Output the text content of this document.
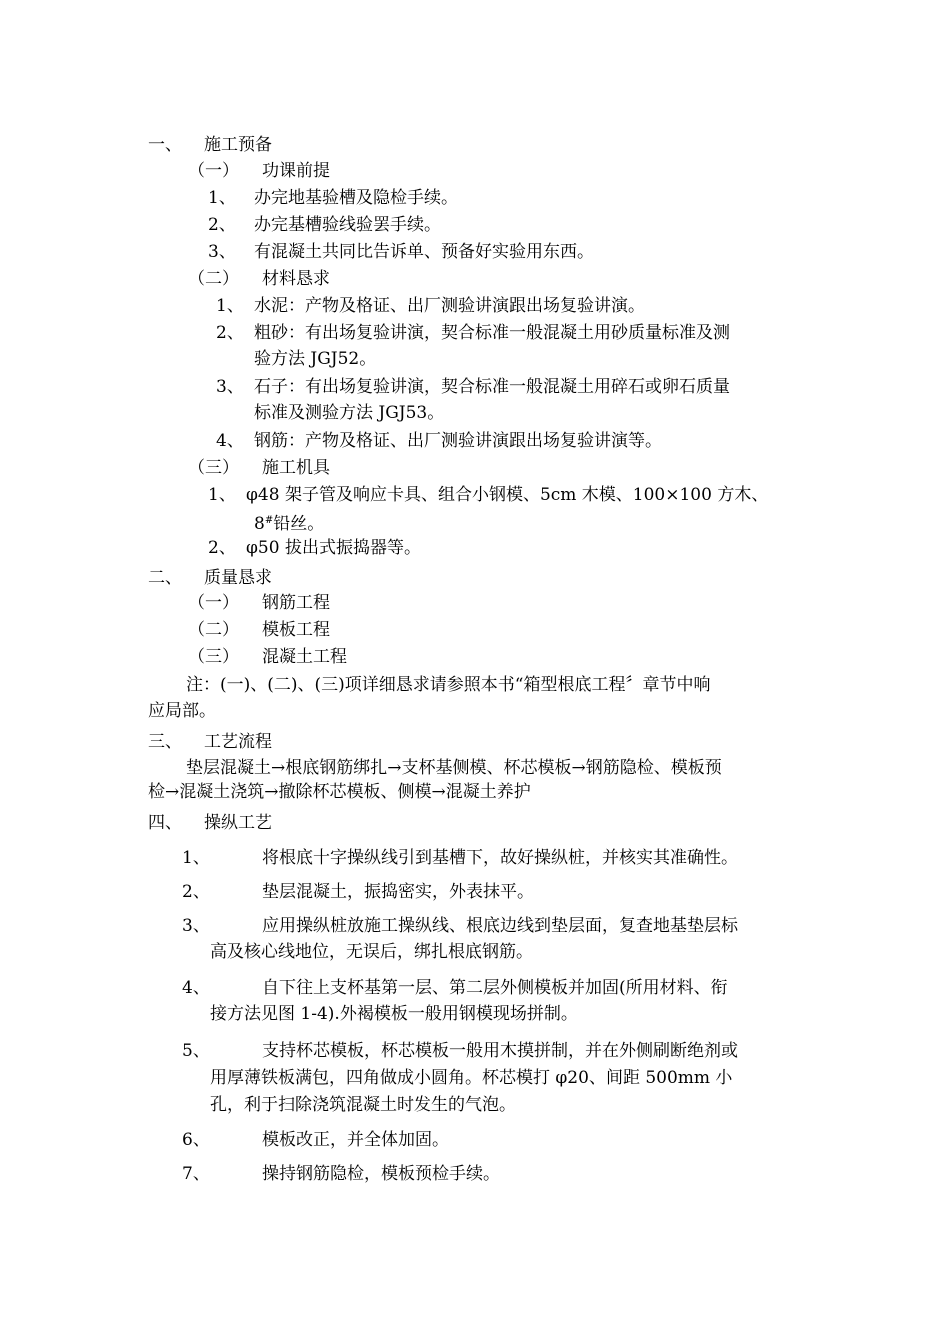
一、 施工预备
（一） 功课前提
1、 办完地基验槽及隐检手续。
2、 办完基槽验线验罢手续。
3、 有混凝土共同比告诉单、预备好实验用东西。
（二） 材料恳求
1、 水泥：产物及格证、出厂测验讲演跟出场复验讲演。
2、 粗砂：有出场复验讲演，契合标准一般混凝土用砂质量标准及测
验方法 JGJ52。
3、 石子：有出场复验讲演，契合标准一般混凝土用碎石或卵石质量
标准及测验方法 JGJ53。
4、 钢筋：产物及格证、出厂测验讲演跟出场复验讲演等。
（三） 施工机具
1、 φ48 架子管及响应卡具、组合小钢模、5cm 木模、100×100 方木、
8#铅丝。
2、 φ50 拔出式振捣器等。
二、 质量恳求
（一） 钢筋工程
（二） 模板工程
（三） 混凝土工程
注：(一)、(二)、(三)项详细恳求请参照本书“箱型根底工程〞章节中响
应局部。
三、 工艺流程
垫层混凝土→根底钢筋绑扎→支杯基侧模、杯芯模板→钢筋隐检、模板预
检→混凝土浇筑→撤除杯芯模板、侧模→混凝土养护
四、 操纵工艺
1、	将根底十字操纵线引到基槽下，故好操纵桩，并核实其准确性。
2、	垫层混凝土，振捣密实，外表抹平。
3、	应用操纵桩放施工操纵线、根底边线到垫层面，复查地基垫层标
高及核心线地位，无误后，绑扎根底钢筋。
4、	自下往上支杯基第一层、第二层外侧模板并加固(所用材料、衔
接方法见图 1-4).外褐模板一般用钢模现场拼制。
5、	支持杯芯模板，杯芯模板一般用木摸拼制，并在外侧刷断绝剂或
用厚薄铁板满包，四角做成小圆角。杯芯模打 φ20、间距 500mm 小
孔，利于扫除浇筑混凝土时发生的气泡。
6、	模板改正，并全体加固。
7、	操持钢筋隐检，模板预检手续。
